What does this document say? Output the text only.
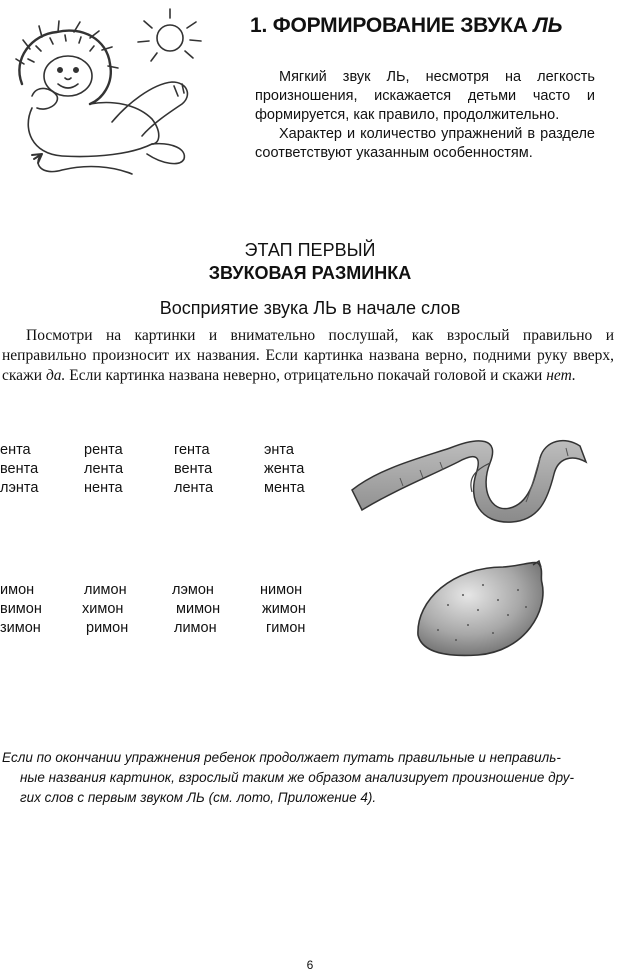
1. ФОРМИРОВАНИЕ ЗВУКА ЛЬ

Мягкий звук ЛЬ, несмотря на легкость произношения, искажается детьми часто и формируется, как правило, продолжительно.

Характер и количество упражнений в разделе соответствуют указанным особенностям.

ЭТАП ПЕРВЫЙ
ЗВУКОВАЯ РАЗМИНКА
Восприятие звука ЛЬ в начале слов
Посмотри на картинки и внимательно послушай, как взрослый правильно и неправильно произносит их названия. Если картинка названа верно, подними руку вверх, скажи да. Если картинка названа неверно, отрицательно покачай головой и скажи нет.
ента	рента	гента	энта
вента	лента	вента	жента
лэнта	нента	лента	мента
имон	лимон	лэмон	нимон
вимон	химон	мимон	жимон
зимон	римон	лимон	гимон
Если по окончании упражнения ребенок продолжает путать правильные и неправиль-
ные названия картинок, взрослый таким же образом анализирует произношение дру-
гих слов с первым звуком ЛЬ (см. лото, Приложение 4).
6
